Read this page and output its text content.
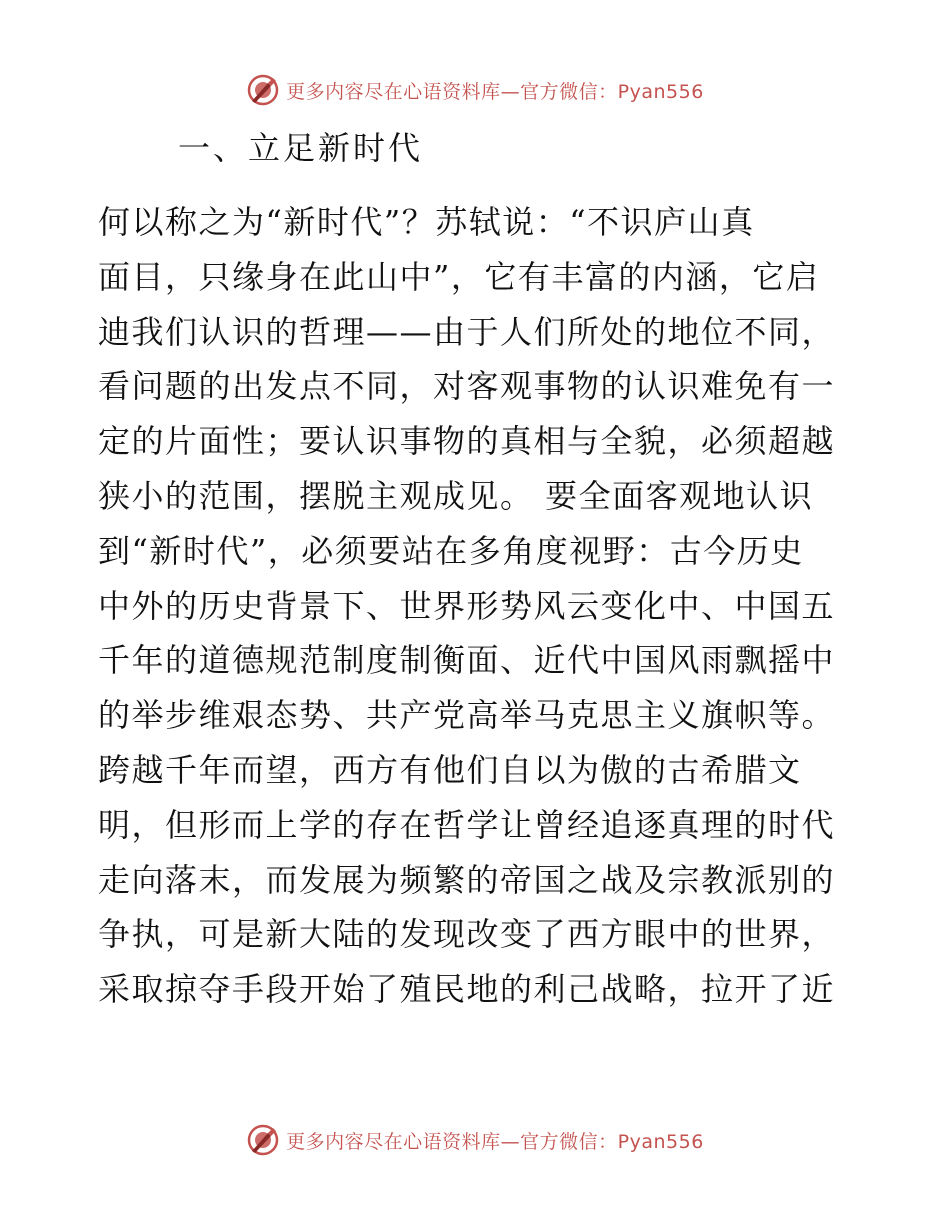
更多内容尽在心语资料库—官方微信：Pyan556
一、立足新时代
何以称之为“新时代”？苏轼说：“不识庐山真
面目，只缘身在此山中”，它有丰富的内涵，它启
迪我们认识的哲理——由于人们所处的地位不同，
看问题的出发点不同，对客观事物的认识难免有一
定的片面性；要认识事物的真相与全貌，必须超越
狭小的范围，摆脱主观成见。 要全面客观地认识
到“新时代”，必须要站在多角度视野：古今历史
中外的历史背景下、世界形势风云变化中、中国五
千年的道德规范制度制衡面、近代中国风雨飘摇中
的举步维艰态势、共产党高举马克思主义旗帜等。
跨越千年而望，西方有他们自以为傲的古希腊文
明，但形而上学的存在哲学让曾经追逐真理的时代
走向落末，而发展为频繁的帝国之战及宗教派别的
争执，可是新大陆的发现改变了西方眼中的世界，
采取掠夺手段开始了殖民地的利己战略，拉开了近
更多内容尽在心语资料库—官方微信：Pyan556
